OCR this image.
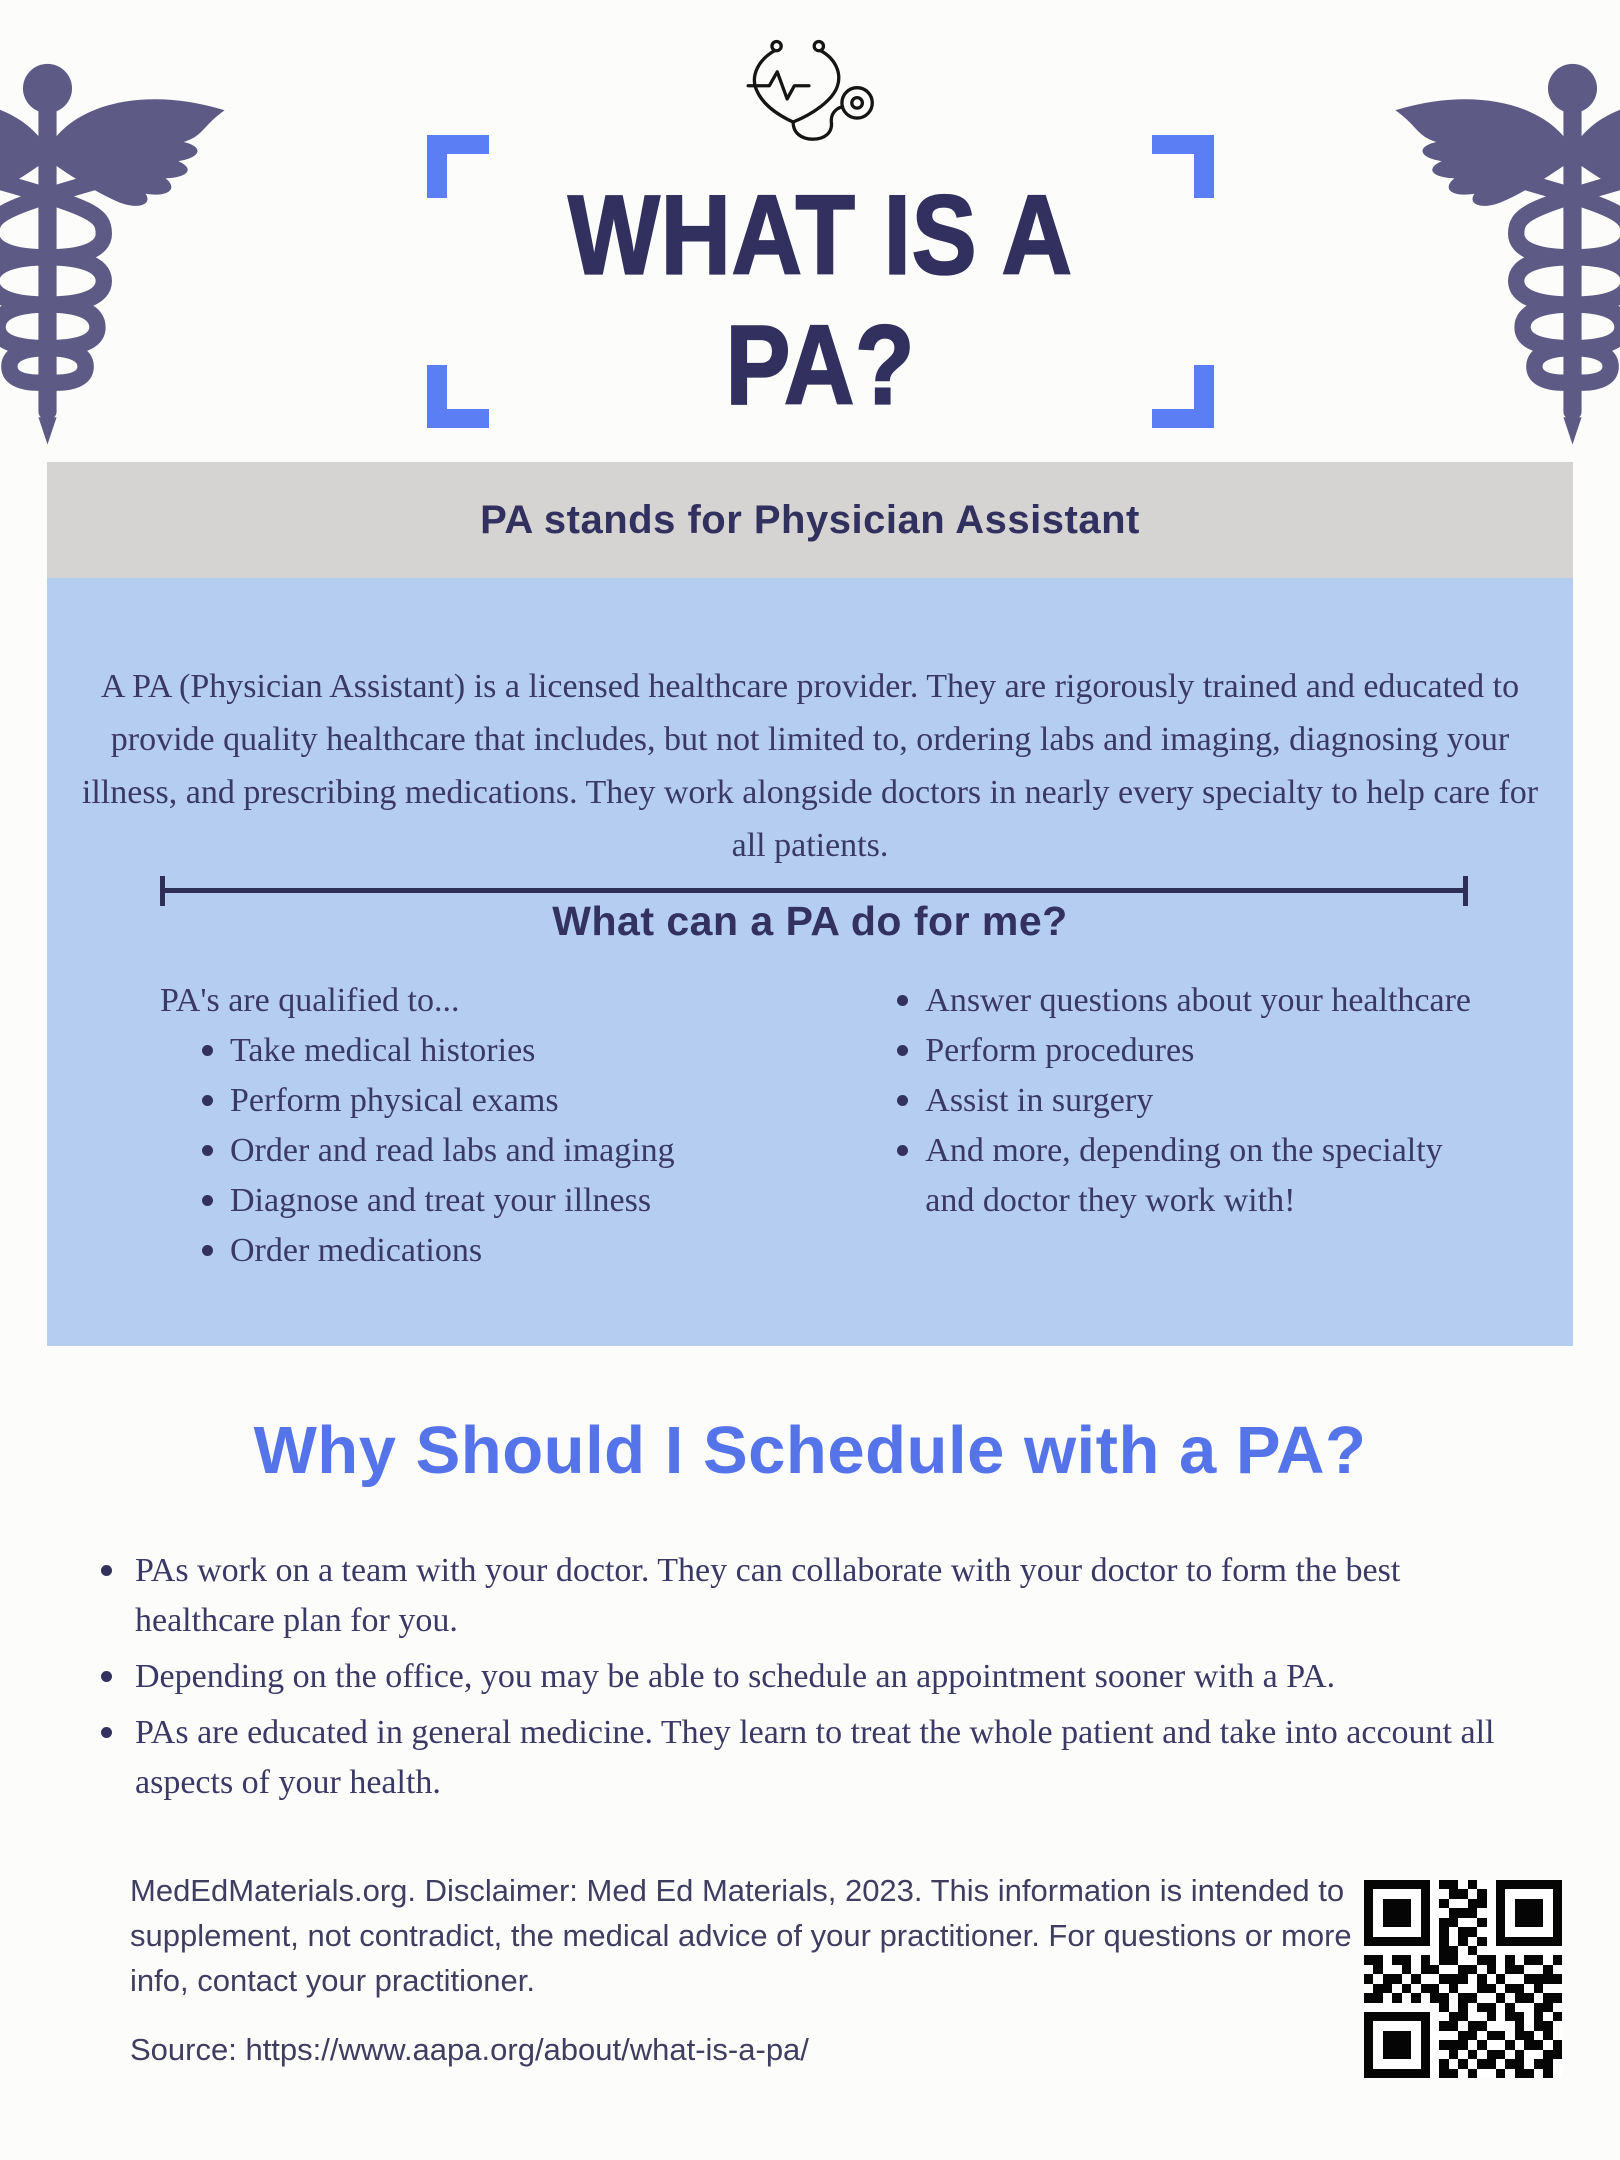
WHAT IS A
PA?
PA stands for Physician Assistant

A PA (Physician Assistant) is a licensed healthcare provider. They are rigorously trained and educated to provide quality healthcare that includes, but not limited to, ordering labs and imaging, diagnosing your illness, and prescribing medications. They work alongside doctors in nearly every specialty to help care for all patients.

What can a PA do for me?
PA's are qualified to...
Take medical histories
Perform physical exams
Order and read labs and imaging
Diagnose and treat your illness
Order medications
Answer questions about your healthcare
Perform procedures
Assist in surgery
And more, depending on the specialty and doctor they work with!
Why Should I Schedule with a PA?
PAs work on a team with your doctor. They can collaborate with your doctor to form the best healthcare plan for you.
Depending on the office, you may be able to schedule an appointment sooner with a PA.
PAs are educated in general medicine. They learn to treat the whole patient and take into account all aspects of your health.
MedEdMaterials.org. Disclaimer: Med Ed Materials, 2023. This information is intended to supplement, not contradict, the medical advice of your practitioner. For questions or more info, contact your practitioner.
Source: https://www.aapa.org/about/what-is-a-pa/
